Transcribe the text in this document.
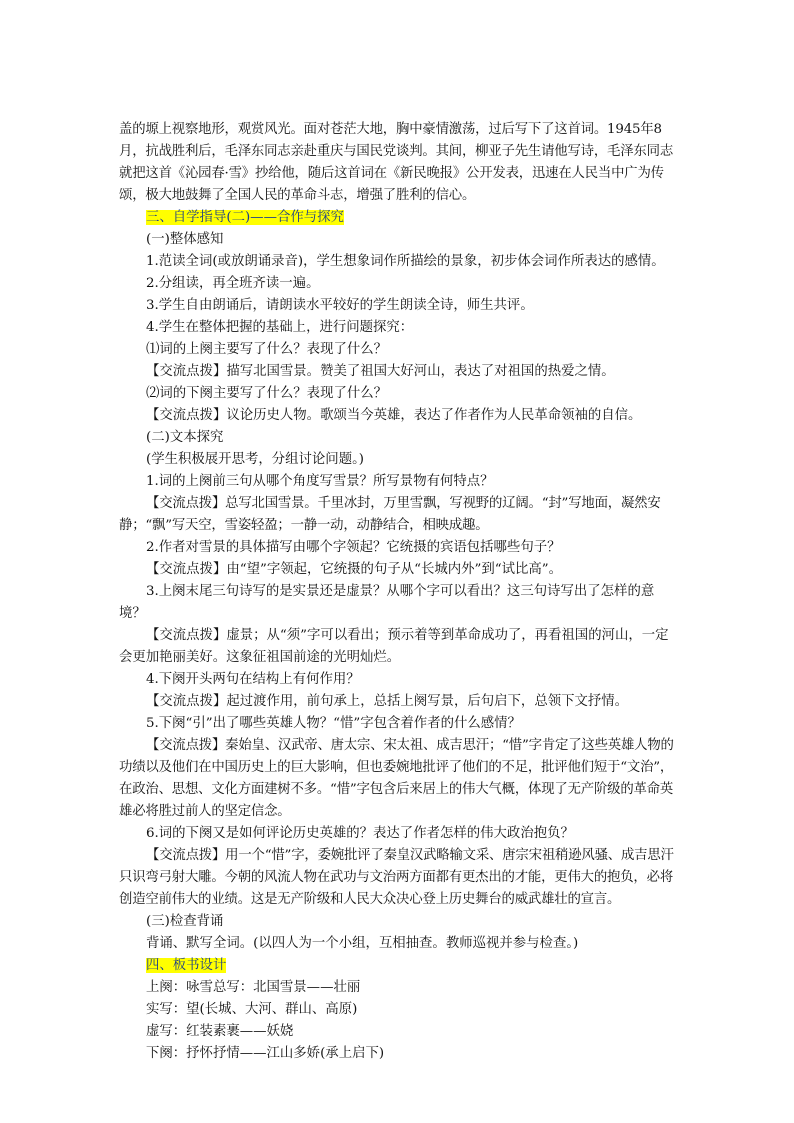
盖的塬上视察地形，观赏风光。面对苍茫大地，胸中豪情激荡，过后写下了这首词。1945年8月，抗战胜利后，毛泽东同志亲赴重庆与国民党谈判。其间，柳亚子先生请他写诗，毛泽东同志就把这首《沁园春·雪》抄给他，随后这首词在《新民晚报》公开发表，迅速在人民当中广为传颂，极大地鼓舞了全国人民的革命斗志，增强了胜利的信心。

三、自学指导(二)——合作与探究

(一)整体感知

1.范读全词(或放朗诵录音)，学生想象词作所描绘的景象，初步体会词作所表达的感情。

2.分组读，再全班齐读一遍。

3.学生自由朗诵后，请朗读水平较好的学生朗读全诗，师生共评。

4.学生在整体把握的基础上，进行问题探究：

⑴词的上阕主要写了什么？表现了什么？

【交流点拨】描写北国雪景。赞美了祖国大好河山，表达了对祖国的热爱之情。

⑵词的下阕主要写了什么？表现了什么？

【交流点拨】议论历史人物。歌颂当今英雄，表达了作者作为人民革命领袖的自信。

(二)文本探究

(学生积极展开思考，分组讨论问题。)

1.词的上阕前三句从哪个角度写雪景？所写景物有何特点？

【交流点拨】总写北国雪景。千里冰封，万里雪飘，写视野的辽阔。“封”写地面，凝然安静；“飘”写天空，雪姿轻盈；一静一动，动静结合，相映成趣。

2.作者对雪景的具体描写由哪个字领起？它统摄的宾语包括哪些句子？

【交流点拨】由“望”字领起，它统摄的句子从“长城内外”到“试比高”。

3.上阕末尾三句诗写的是实景还是虚景？从哪个字可以看出？这三句诗写出了怎样的意境？

【交流点拨】虚景；从“须”字可以看出；预示着等到革命成功了，再看祖国的河山，一定会更加艳丽美好。这象征祖国前途的光明灿烂。

4.下阕开头两句在结构上有何作用？

【交流点拨】起过渡作用，前句承上，总括上阕写景，后句启下，总领下文抒情。

5.下阕“引”出了哪些英雄人物？“惜”字包含着作者的什么感情？

【交流点拨】秦始皇、汉武帝、唐太宗、宋太祖、成吉思汗；“惜”字肯定了这些英雄人物的功绩以及他们在中国历史上的巨大影响，但也委婉地批评了他们的不足，批评他们短于“文治”，在政治、思想、文化方面建树不多。“惜”字包含后来居上的伟大气概，体现了无产阶级的革命英雄必将胜过前人的坚定信念。

6.词的下阕又是如何评论历史英雄的？表达了作者怎样的伟大政治抱负？

【交流点拨】用一个“惜”字，委婉批评了秦皇汉武略输文采、唐宗宋祖稍逊风骚、成吉思汗只识弯弓射大雕。今朝的风流人物在武功与文治两方面都有更杰出的才能，更伟大的抱负，必将创造空前伟大的业绩。这是无产阶级和人民大众决心登上历史舞台的威武雄壮的宣言。

(三)检查背诵

背诵、默写全词。(以四人为一个小组，互相抽查。教师巡视并参与检查。)

四、板书设计

上阕：咏雪总写：北国雪景——壮丽

实写：望(长城、大河、群山、高原)

虚写：红装素裹——妖娆

下阕：抒怀抒情——江山多娇(承上启下)
